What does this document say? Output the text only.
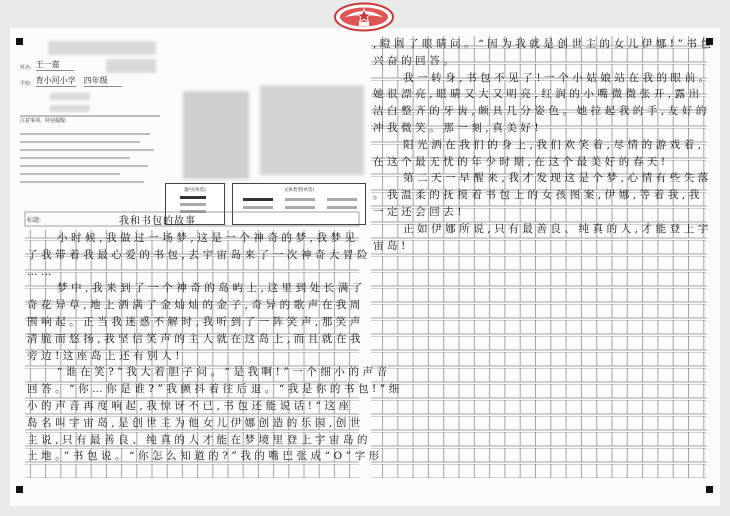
姓名: 王一嘉
学校: 育小河小学 四年级
注意事项、特别提醒:
题号(单选)	文体类型(单选)
标题:	我和书包的故事
小时候,我做过一场梦,这是一个神奇的梦,我梦见
了我带着我最心爱的书包,去宇宙岛来了一次神奇大冒险
……
梦中,我来到了一个神奇的岛屿上,这里到处长满了
奇花异草,地上洒满了金灿灿的金子,奇异的歌声在我周
围响起。正当我迷惑不解时,我听到了一阵笑声,那笑声
清脆而悠扬,我坚信笑声的主人就在这岛上,而且就在我
旁边!这座岛上还有别人!
“谁在笑?”我大着胆子问。“是我啊!”一个细小的声音
回答。“你…你是谁?”我颤抖着往后退。“我是你的书包!”细
小的声音再度响起,我惊讶不已,书包还能说话!“这座
岛名叫宇宙岛,是创世主为他女儿伊娜创造的乐园,创世
主说,只有最善良、纯真的人才能在梦境里登上宇宙岛的
土地。”书包说。“你怎么知道的?”我的嘴巴张成“O”字形
,瞪圆了眼睛问。“因为我就是创世主的女儿伊娜!”书包
兴奋的回答。
我一转身,书包不见了!一个小姑娘站在我的眼前。
她很漂亮,眼睛又大又明亮,红润的小嘴微微张开,露出
洁白整齐的牙齿,颇具几分姿色。她拉起我的手,友好的
冲我微笑。那一刻,真美好!
阳光洒在我们的身上,我们欢笑着,尽情的游戏着,
在这个最无忧的年少时期,在这个最美好的春天!
第二天一早醒来,我才发现这是个梦,心情有些失落
。我温柔的抚摸着书包上的女孩图案,伊娜,等着我,我
一定还会回去!
正如伊娜所说,只有最善良、纯真的人,才能登上宇
宙岛!
